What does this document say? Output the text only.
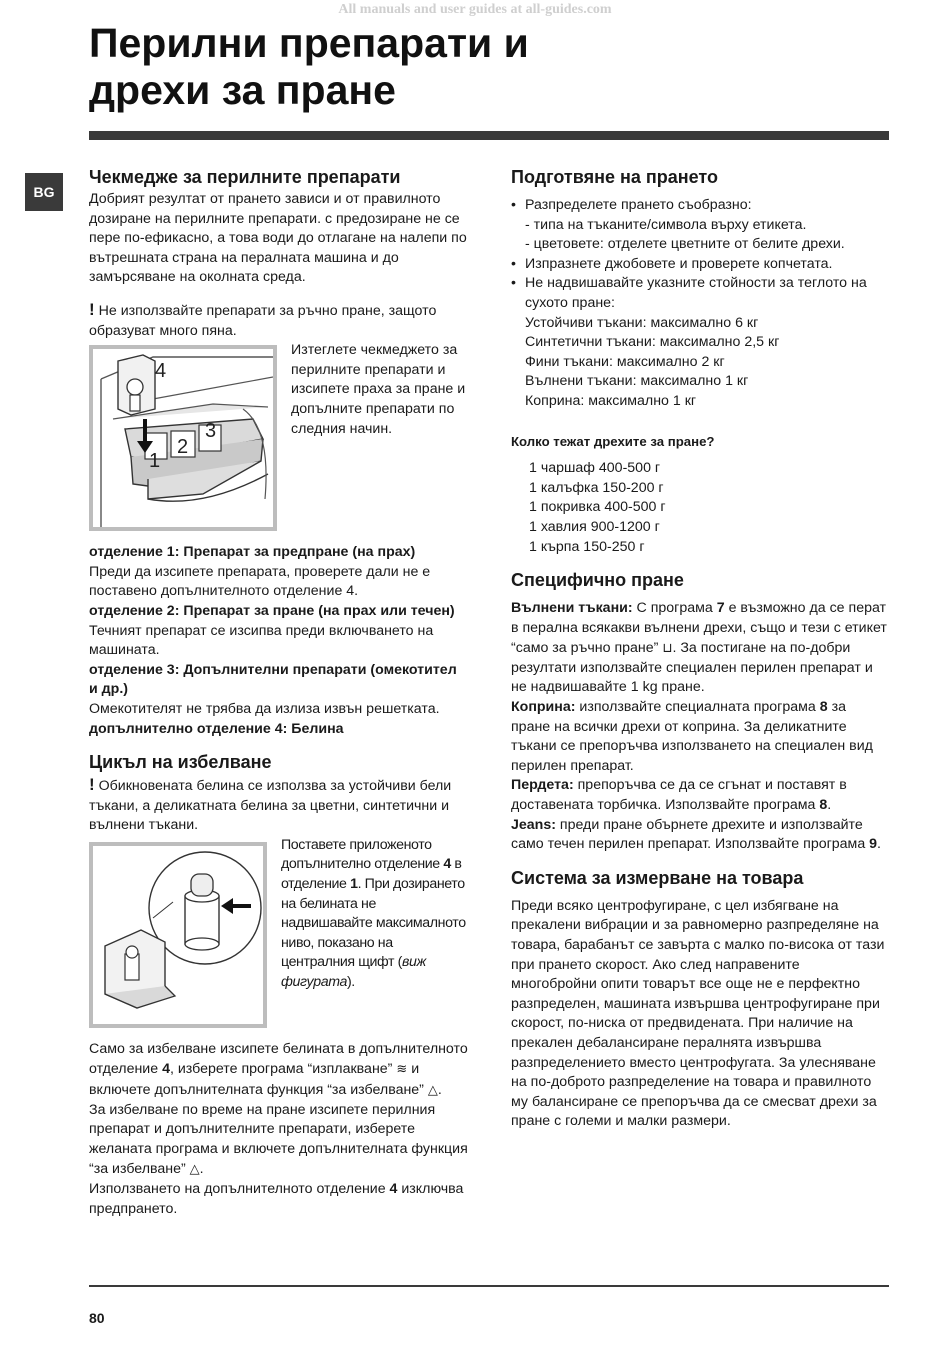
All manuals and user guides at all-guides.com
Перилни препарати и
дрехи за пране
BG
Чекмедже за перилните препарати

Добрият резултат от прането зависи и от правилното дозиране на перилните препарати. с предозиране не се пере по-ефикасно, а това води до отлагане на налепи по вътрешната страна на пералната машина и до замърсяване на околната среда.

! Не използвайте препарати за ръчно пране, защото образуват много пяна.

4
1
2
3

Изтеглете чекмеджето за перилните препарати и изсипете праха за пране и допълните препарати по следния начин.

отделение 1: Препарат за предпране (на прах)

Преди да изсипете препарата, проверете дали не е поставено допълнителното отделение 4.

отделение 2: Препарат за пране (на прах или течен)

Течният препарат се изсипва преди включването на машината.

отделение 3: Допълнителни препарати (омекотител и др.)

Омекотителят не трябва да излиза извън решетката.

допълнително отделение 4: Белина

Цикъл на избелване

! Обикновената белина се използва за устойчиви бели тъкани, а деликатната белина за цветни, синтетични и вълнени тъкани.

Поставете приложеното допълнително отделение 4 в отделение 1. При дозирането на белината не надвишавайте максималното ниво, показано на централния щифт (виж фигурата).

Само за избелване изсипете белината в допълнителното отделение 4, изберете програма “изплакване” ≋ и включете допълнителната функция “за избелване” △.

За избелване по време на пране изсипете перилния препарат и допълнителните препарати, изберете желаната програма и включете допълнителната функция “за избелване” △.

Използването на допълнителното отделение 4 изключва предпрането.

Подготвяне на прането
• Разпределете прането съобразно:
- типа на тъканите/символа върху етикета.
- цветовете: отделете цветните от белите дрехи.
• Изпразнете джобовете и проверете копчетата.
• Не надвишавайте указните стойности за теглото на сухото пране:
Устойчиви тъкани: максимално 6 кг
Синтетични тъкани: максимално 2,5 кг
Фини тъкани: максимално 2 кг
Вълнени тъкани: максимално 1 кг
Коприна: максимално 1 кг

Колко тежат дрехите за пране?

1 чаршаф 400-500 г

1 калъфка 150-200 г

1 покривка 400-500 г

1 хавлия 900-1200 г

1 кърпа 150-250 г

Специфично пране

Вълнени тъкани: С програма 7 е възможно да се перат в перална всякакви вълнени дрехи, също и тези с етикет “само за ръчно пране” ⊔. За постигане на по-добри резултати използвайте специален перилен препарат и не надвишавайте 1 kg пране.

Коприна: използвайте специалната програма 8 за пране на всички дрехи от коприна. За деликатните тъкани се препоръчва използването на специален вид перилен препарат.

Пердета: препоръчва се да се сгънат и поставят в доставената торбичка. Използвайте програма 8.

Jeans: преди пране обърнете дрехите и използвайте само течен перилен препарат. Използвайте програма 9.

Система за измерване на товара

Преди всяко центрофугиране, с цел избягване на прекалени вибрации и за равномерно разпределяне на товара, барабанът се завърта с малко по-висока от тази при прането скорост. Ако след направените многобройни опити товарът все още не е перфектно разпределен, машината извършва центрофугиране при скорост, по-ниска от предвидената. При наличие на прекален дебалансиране пералнята извършва разпределението вместо центрофугата. За улесняване на по-доброто разпределение на товара и правилното му балансиране се препоръчва да се смесват дрехи за пране с големи и малки размери.

80
